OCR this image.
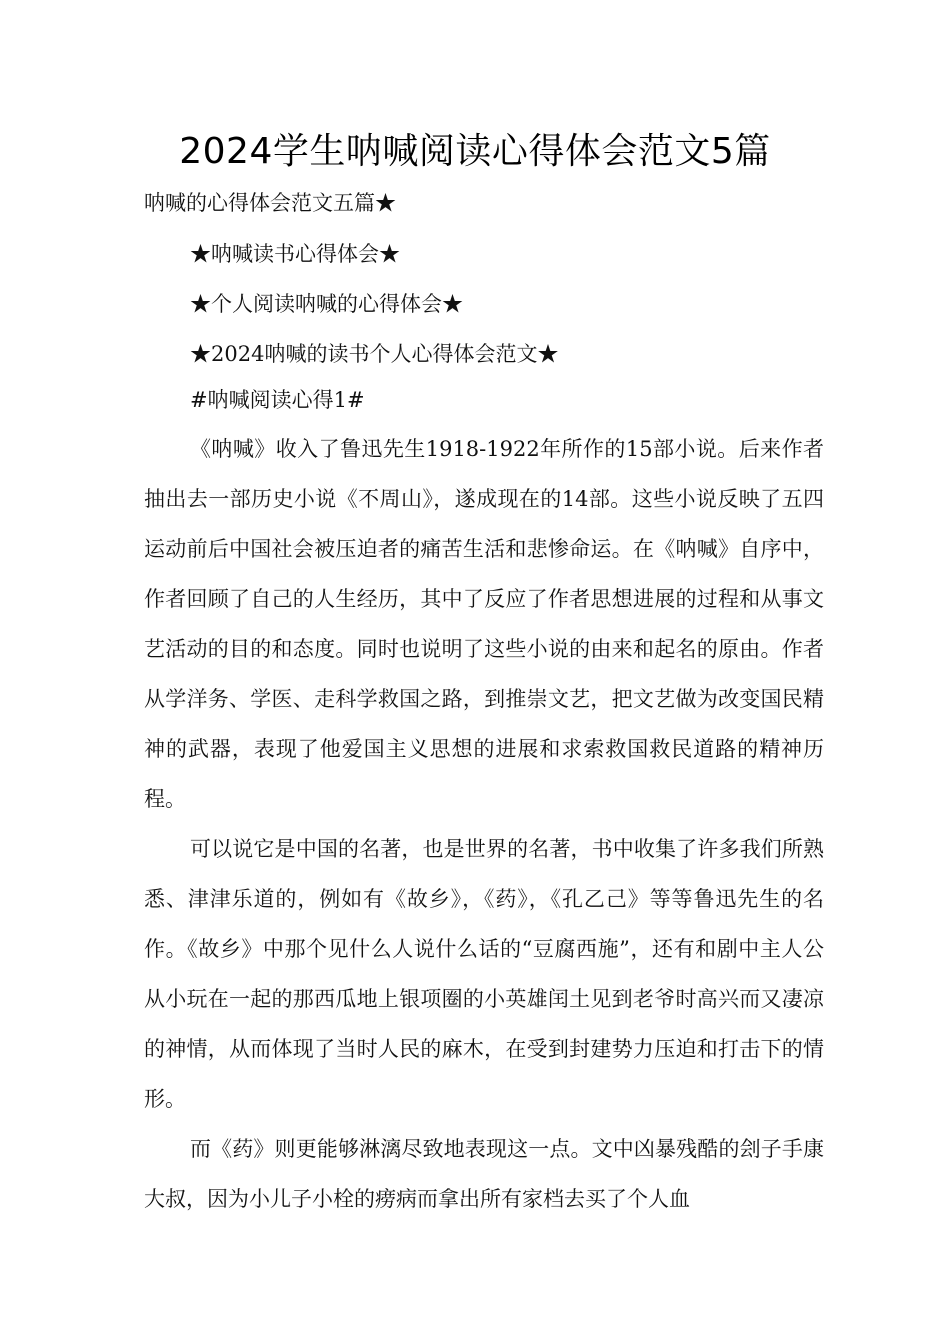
2024学生呐喊阅读心得体会范文5篇
呐喊的心得体会范文五篇★
★呐喊读书心得体会★
★个人阅读呐喊的心得体会★
★2024呐喊的读书个人心得体会范文★
#呐喊阅读心得1#

《呐喊》收入了鲁迅先生1918-1922年所作的15部小说。后来作者抽出去一部历史小说《不周山》，遂成现在的14部。这些小说反映了五四运动前后中国社会被压迫者的痛苦生活和悲惨命运。在《呐喊》自序中，作者回顾了自己的人生经历，其中了反应了作者思想进展的过程和从事文艺活动的目的和态度。同时也说明了这些小说的由来和起名的原由。作者从学洋务、学医、走科学救国之路，到推崇文艺，把文艺做为改变国民精神的武器，表现了他爱国主义思想的进展和求索救国救民道路的精神历程。

可以说它是中国的名著，也是世界的名著，书中收集了许多我们所熟悉、津津乐道的，例如有《故乡》，《药》，《孔乙己》等等鲁迅先生的名作。《故乡》中那个见什么人说什么话的“豆腐西施”，还有和剧中主人公从小玩在一起的那西瓜地上银项圈的小英雄闰土见到老爷时高兴而又凄凉的神情，从而体现了当时人民的麻木，在受到封建势力压迫和打击下的情形。

而《药》则更能够淋漓尽致地表现这一点。文中凶暴残酷的刽子手康大叔，因为小儿子小栓的痨病而拿出所有家档去买了个人血
